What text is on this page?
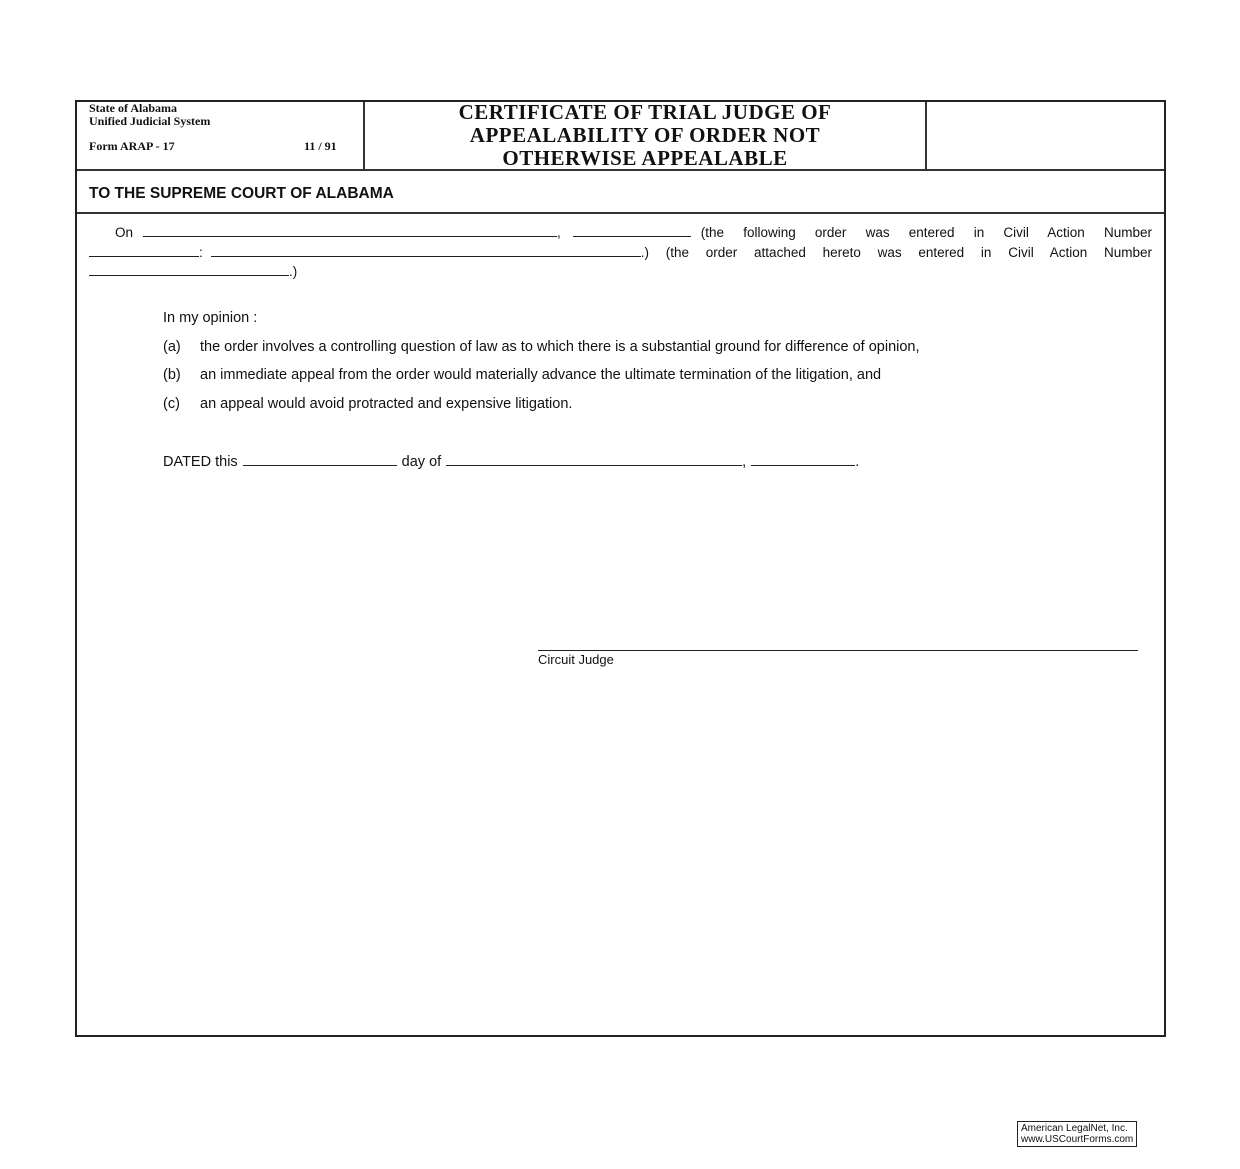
State of Alabama
Unified Judicial System
Form ARAP - 17	11 / 91
CERTIFICATE OF TRIAL JUDGE OF
APPEALABILITY OF ORDER NOT
OTHERWISE APPEALABLE
TO THE SUPREME COURT OF ALABAMA
On	,	(the following order was entered in Civil Action Number
:	.) (the order attached hereto was entered in Civil Action Number
.)
In my opinion :
(a) the order involves a controlling question of law as to which there is a substantial ground for difference of opinion,
(b) an immediate appeal from the order would materially advance the ultimate termination of the litigation, and
(c) an appeal would avoid protracted and expensive litigation.
DATED this	day of	,	.
Circuit Judge
American LegalNet, Inc.
www.USCourtForms.com
